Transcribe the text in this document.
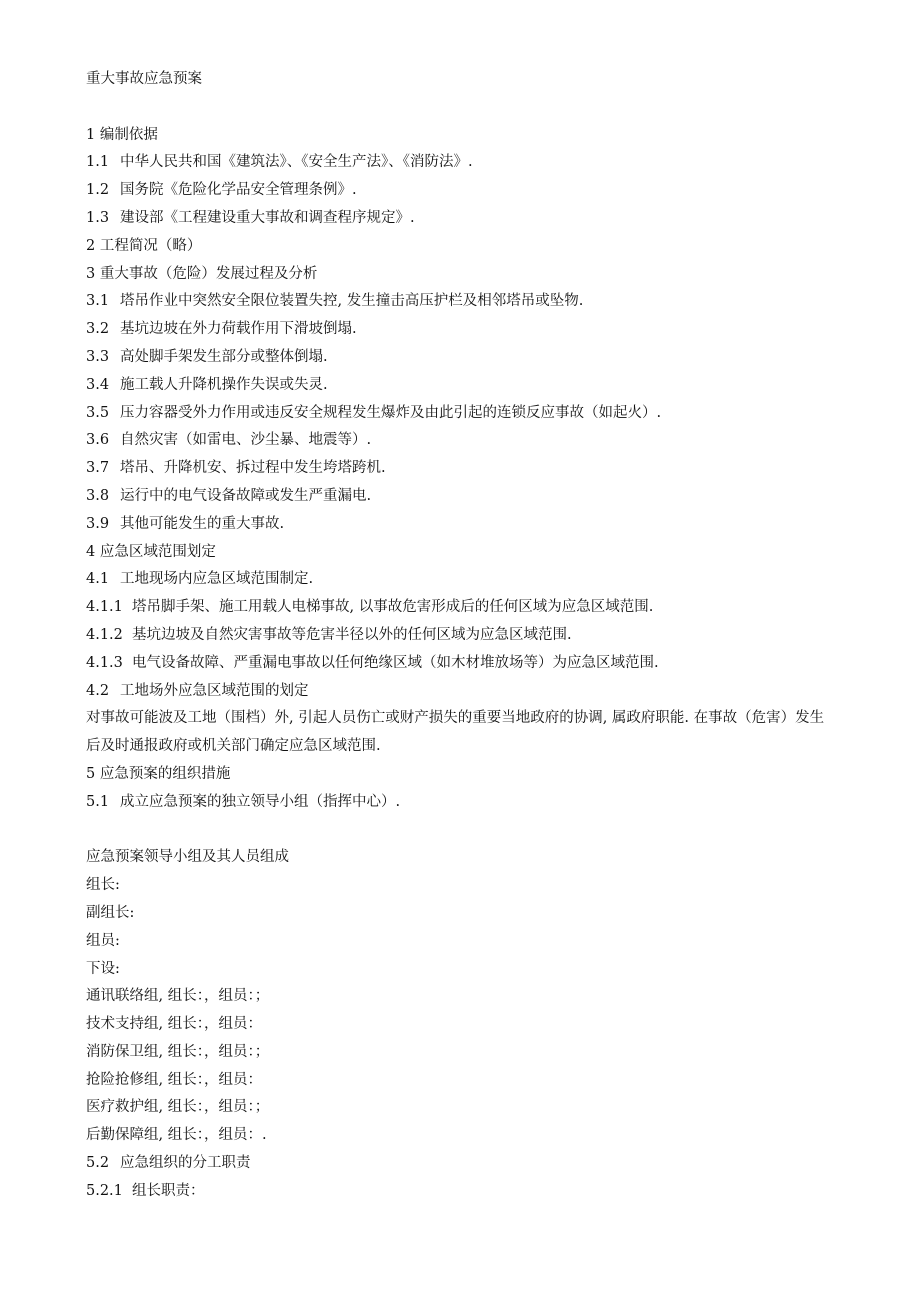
重大事故应急预案
1 编制依据
1.1 中华人民共和国《建筑法》、《安全生产法》、《消防法》.
1.2 国务院《危险化学品安全管理条例》.
1.3 建设部《工程建设重大事故和调查程序规定》.
2 工程简况（略）
3 重大事故（危险）发展过程及分析
3.1 塔吊作业中突然安全限位装置失控, 发生撞击高压护栏及相邻塔吊或坠物.
3.2 基坑边坡在外力荷载作用下滑坡倒塌.
3.3 高处脚手架发生部分或整体倒塌.
3.4 施工载人升降机操作失误或失灵.
3.5 压力容器受外力作用或违反安全规程发生爆炸及由此引起的连锁反应事故（如起火）.
3.6 自然灾害（如雷电、沙尘暴、地震等）.
3.7 塔吊、升降机安、拆过程中发生垮塔跨机.
3.8 运行中的电气设备故障或发生严重漏电.
3.9 其他可能发生的重大事故.
4 应急区域范围划定
4.1 工地现场内应急区域范围制定.
4.1.1 塔吊脚手架、施工用载人电梯事故, 以事故危害形成后的任何区域为应急区域范围.
4.1.2 基坑边坡及自然灾害事故等危害半径以外的任何区域为应急区域范围.
4.1.3 电气设备故障、严重漏电事故以任何绝缘区域（如木材堆放场等）为应急区域范围.
4.2 工地场外应急区域范围的划定
对事故可能波及工地（围档）外, 引起人员伤亡或财产损失的重要当地政府的协调, 属政府职能. 在事故（危害）发生后及时通报政府或机关部门确定应急区域范围.
5 应急预案的组织措施
5.1 成立应急预案的独立领导小组（指挥中心）.
应急预案领导小组及其人员组成
组长:
副组长:
组员:
下设:
通讯联络组, 组长：，组员：；
技术支持组, 组长：，组员：
消防保卫组, 组长：，组员：；
抢险抢修组, 组长：，组员：
医疗救护组, 组长：，组员：；
后勤保障组, 组长：，组员：.
5.2 应急组织的分工职责
5.2.1 组长职责：
